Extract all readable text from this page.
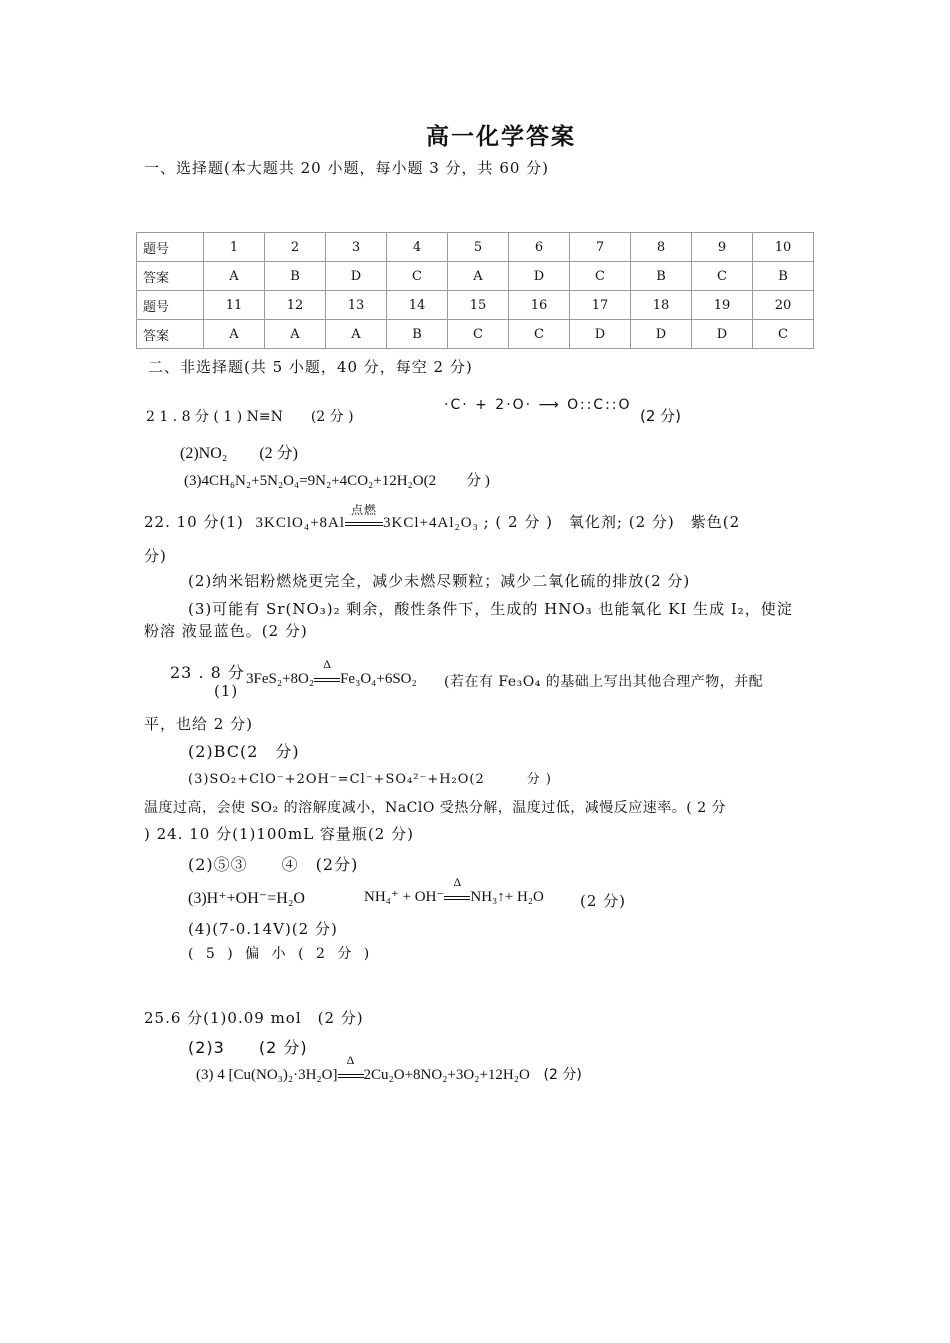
高一化学答案
一、选择题(本大题共 20 小题，每小题 3 分，共 60 分)
题号	1	2	3	4	5	6	7	8	9	10
答案	A	B	D	C	A	D	C	B	C	B
题号	11	12	13	14	15	16	17	18	19	20
答案	A	A	A	B	C	C	D	D	D	C
二、非选择题(共 5 小题，40 分，每空 2 分)
2 1 . 8 分 ( 1 ) N≡N　　(2 分 )
·C· + 2·O· ⟶ O::C::O
(2 分)
(2)NO₂　　(2 分)
(3)4CH₆N₂+5N₂O₄=9N₂+4CO₂+12H₂O(2　　分 )
22. 10 分(1) 3KClO₄+8Al
点燃
3KCl+4Al₂O₃ ; ( 2 分 )　氧化剂; (2 分)　紫色(2
分)
(2)纳米铝粉燃烧更完全，减少未燃尽颗粒；减少二氧化硫的排放(2 分)
(3)可能有 Sr(NO₃)₂ 剩余，酸性条件下，生成的 HNO₃ 也能氧化 KI 生成 I₂，使淀
粉溶 液显蓝色。(2 分)
23 . 8 分
(1)
3FeS₂+8O₂
Δ
Fe₃O₄+6SO₂ (若在有 Fe₃O₄ 的基础上写出其他合理产物，并配
平，也给 2 分)
(2)BC(2　分)
(3)SO₂+ClO⁻+2OH⁻=Cl⁻+SO₄²⁻+H₂O(2　　　分 )
温度过高，会使 SO₂ 的溶解度减小，NaClO 受热分解，温度过低，减慢反应速率。( 2 分
) 24. 10 分(1)100mL 容量瓶(2 分)
(2)⑤③　　④　(2分)
(3)H⁺+OH⁻=H₂O	NH₄⁺ + OH⁻
Δ
NH₃↑+ H₂O (2 分)
(4)(7-0.14V)(2 分)
( 5 ) 偏 小 ( 2 分 )
25.6 分(1)0.09 mol　(2 分)
(2)3　　(2 分)
(3) 4 [Cu(NO₃)₂·3H₂O]
Δ
2Cu₂O+8NO₂+3O₂+12H₂O (2 分)
